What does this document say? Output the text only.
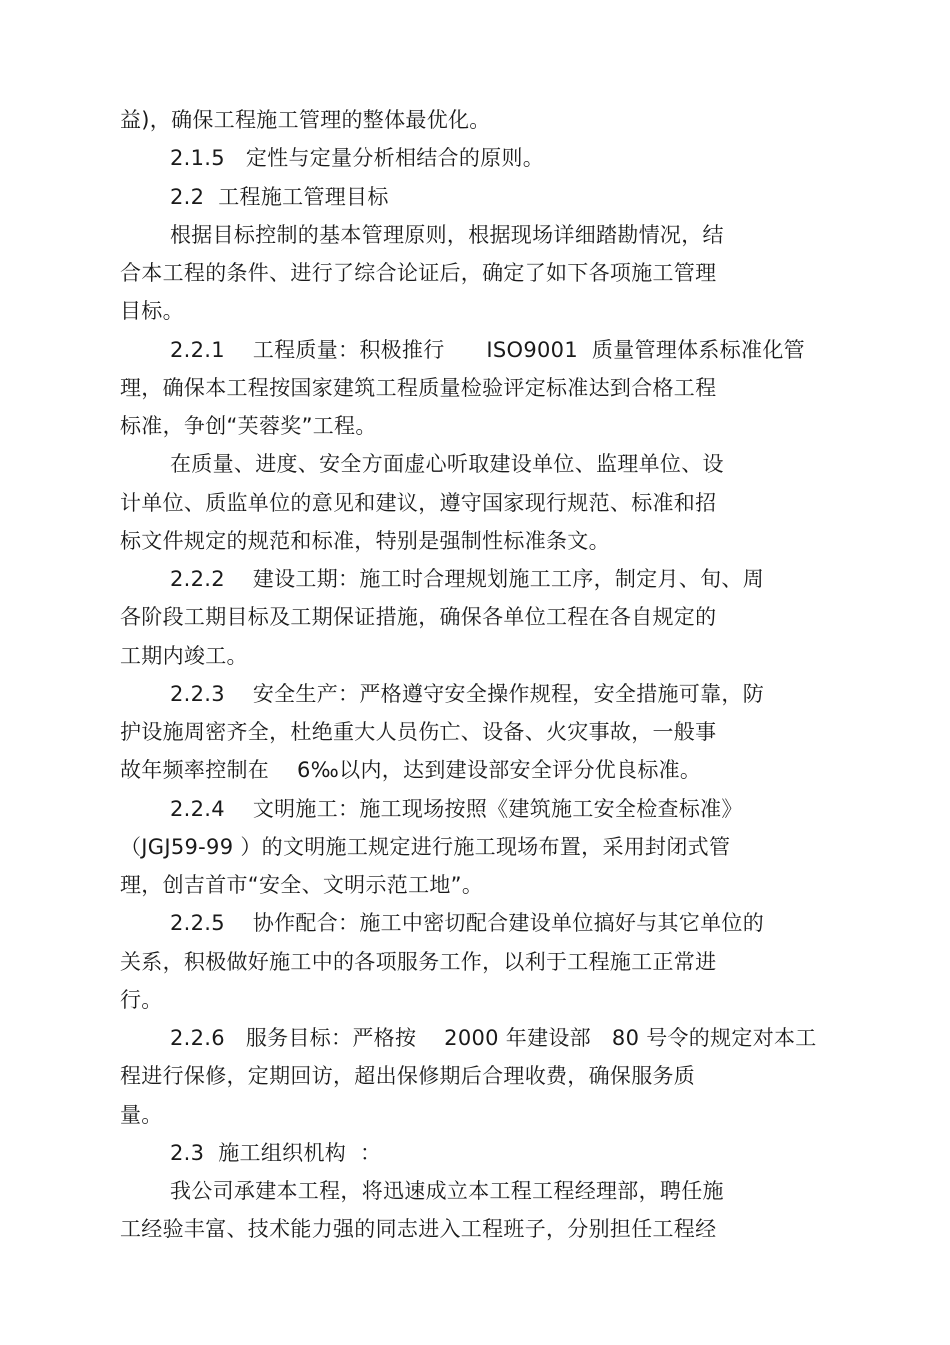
益)，确保工程施工管理的整体最优化。
2.1.5   定性与定量分析相结合的原则。
2.2  工程施工管理目标
根据目标控制的基本管理原则，根据现场详细踏勘情况，结
合本工程的条件、进行了综合论证后，确定了如下各项施工管理
目标。
2.2.1    工程质量：积极推行      ISO9001  质量管理体系标准化管
理，确保本工程按国家建筑工程质量检验评定标准达到合格工程
标准，争创“芙蓉奖”工程。
在质量、进度、安全方面虚心听取建设单位、监理单位、设
计单位、质监单位的意见和建议，遵守国家现行规范、标准和招
标文件规定的规范和标准，特别是强制性标准条文。
2.2.2    建设工期：施工时合理规划施工工序，制定月、旬、周
各阶段工期目标及工期保证措施，确保各单位工程在各自规定的
工期内竣工。
2.2.3    安全生产：严格遵守安全操作规程，安全措施可靠，防
护设施周密齐全，杜绝重大人员伤亡、设备、火灾事故，一般事
故年频率控制在    6‰以内，达到建设部安全评分优良标准。
2.2.4    文明施工：施工现场按照《建筑施工安全检查标准》
（JGJ59-99 ）的文明施工规定进行施工现场布置，采用封闭式管
理，创吉首市“安全、文明示范工地”。
2.2.5    协作配合：施工中密切配合建设单位搞好与其它单位的
关系，积极做好施工中的各项服务工作，以利于工程施工正常进
行。
2.2.6   服务目标：严格按    2000 年建设部   80 号令的规定对本工
程进行保修，定期回访，超出保修期后合理收费，确保服务质
量。
2.3  施工组织机构  ：
我公司承建本工程，将迅速成立本工程工程经理部，聘任施
工经验丰富、技术能力强的同志进入工程班子，分别担任工程经
